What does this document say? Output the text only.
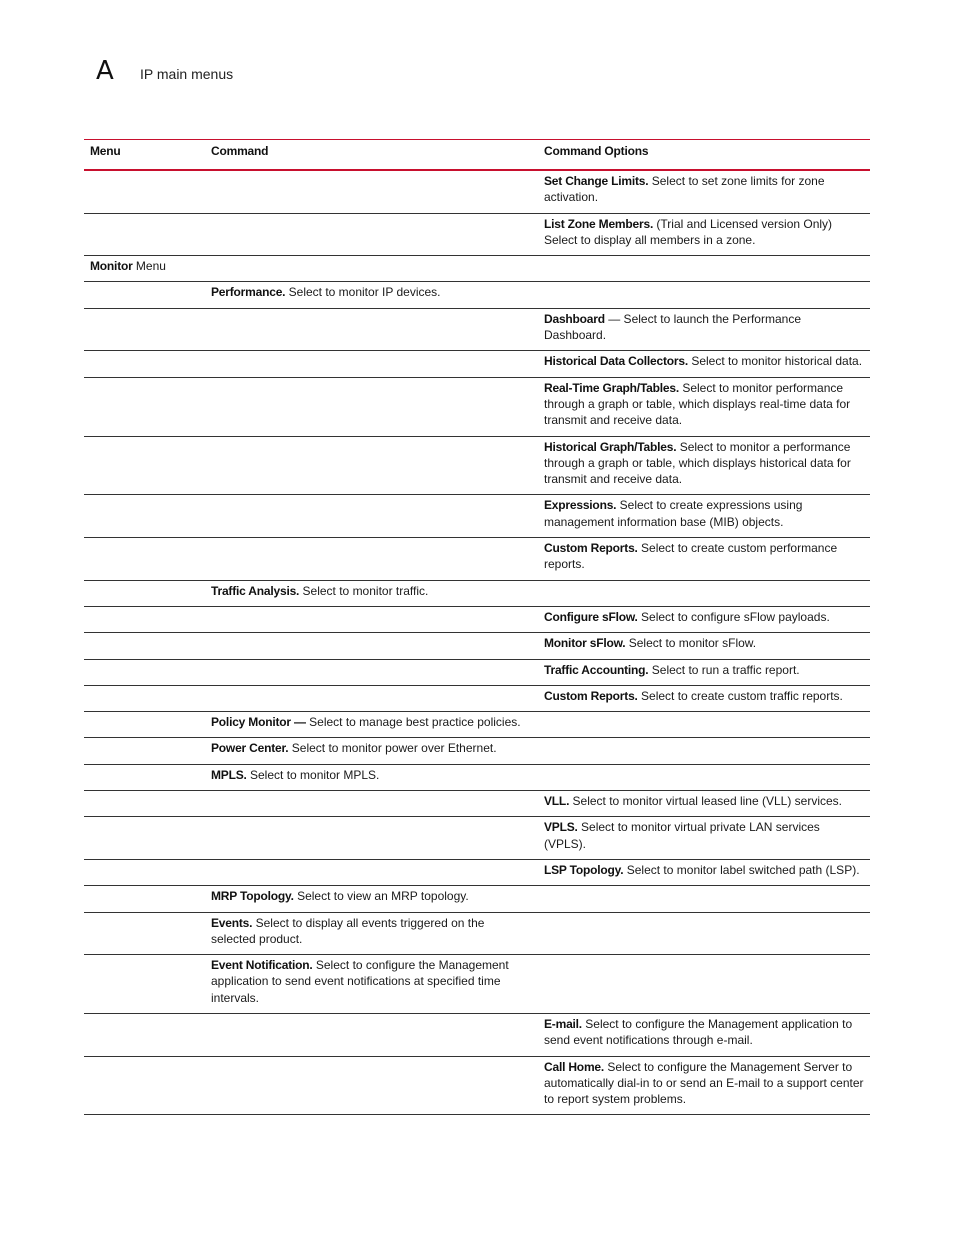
A IP main menus
Menu	Command	Command Options
		Set Change Limits. Select to set zone limits for zone activation.
		List Zone Members. (Trial and Licensed version Only) Select to display all members in a zone.
Monitor Menu		
	Performance. Select to monitor IP devices.	
		Dashboard — Select to launch the Performance Dashboard.
		Historical Data Collectors. Select to monitor historical data.
		Real-Time Graph/Tables. Select to monitor performance through a graph or table, which displays real-time data for transmit and receive data.
		Historical Graph/Tables. Select to monitor a performance through a graph or table, which displays historical data for transmit and receive data.
		Expressions. Select to create expressions using management information base (MIB) objects.
		Custom Reports. Select to create custom performance reports.
	Traffic Analysis. Select to monitor traffic.	
		Configure sFlow. Select to configure sFlow payloads.
		Monitor sFlow. Select to monitor sFlow.
		Traffic Accounting. Select to run a traffic report.
		Custom Reports. Select to create custom traffic reports.
	Policy Monitor — Select to manage best practice policies.	
	Power Center. Select to monitor power over Ethernet.	
	MPLS. Select to monitor MPLS.	
		VLL. Select to monitor virtual leased line (VLL) services.
		VPLS. Select to monitor virtual private LAN services (VPLS).
		LSP Topology. Select to monitor label switched path (LSP).
	MRP Topology. Select to view an MRP topology.	
	Events. Select to display all events triggered on the selected product.	
	Event Notification. Select to configure the Management application to send event notifications at specified time intervals.	
		E-mail. Select to configure the Management application to send event notifications through e-mail.
		Call Home. Select to configure the Management Server to automatically dial-in to or send an E-mail to a support center to report system problems.
